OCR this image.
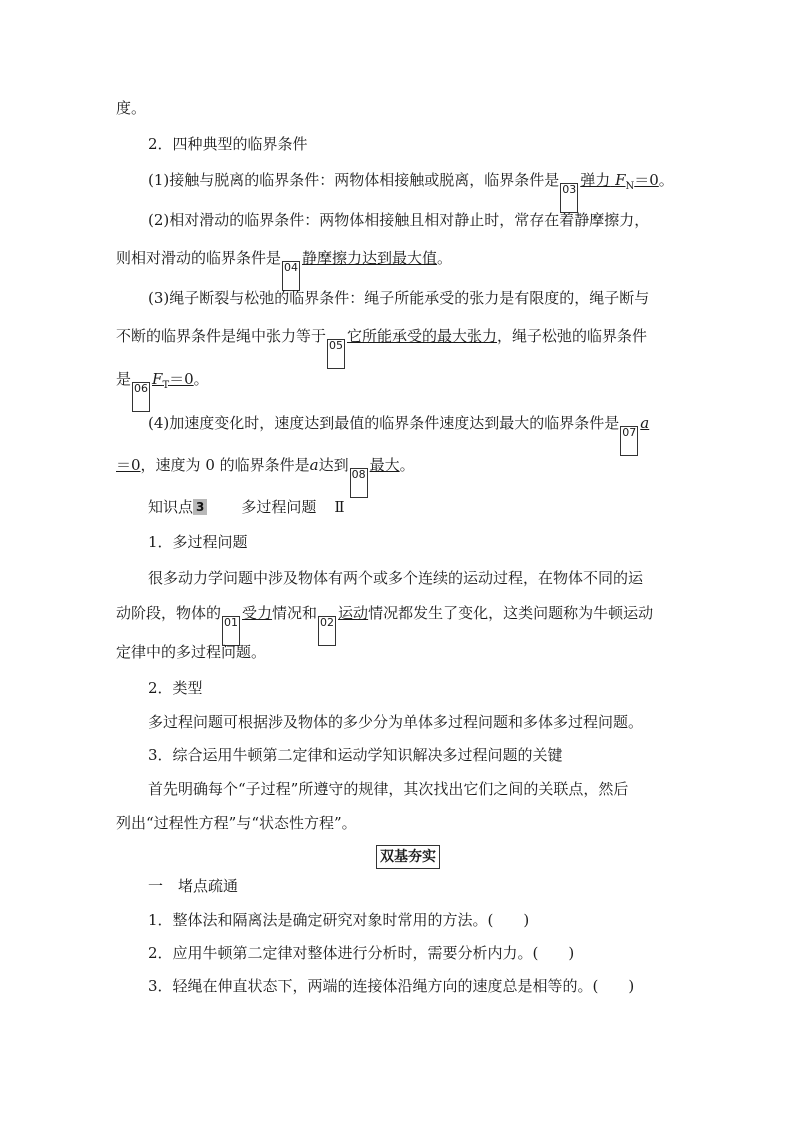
度。
2．四种典型的临界条件
(1)接触与脱离的临界条件：两物体相接触或脱离，临界条件是03弹力 $F_N=0$。
(2)相对滑动的临界条件：两物体相接触且相对静止时，常存在着静摩擦力，
则相对滑动的临界条件是04静摩擦力达到最大值。
(3)绳子断裂与松弛的临界条件：绳子所能承受的张力是有限度的，绳子断与
不断的临界条件是绳中张力等于05它所能承受的最大张力，绳子松弛的临界条件
是$06F_T=0$。
(4)加速度变化时，速度达到最值的临界条件速度达到最大的临界条件是07a
＝0，速度为 0 的临界条件是a达到08最大。
知识点 3 多过程问题 Ⅱ
1．多过程问题
很多动力学问题中涉及物体有两个或多个连续的运动过程，在物体不同的运
动阶段，物体的01受力情况和02运动情况都发生了变化，这类问题称为牛顿运动
定律中的多过程问题。
2．类型
多过程问题可根据涉及物体的多少分为单体多过程问题和多体多过程问题。
3．综合运用牛顿第二定律和运动学知识解决多过程问题的关键
首先明确每个“子过程”所遵守的规律，其次找出它们之间的关联点，然后
列出“过程性方程”与“状态性方程”。
双基夯实
一　堵点疏通
1．整体法和隔离法是确定研究对象时常用的方法。(　　)
2．应用牛顿第二定律对整体进行分析时，需要分析内力。(　　)
3．轻绳在伸直状态下，两端的连接体沿绳方向的速度总是相等的。(　　)
